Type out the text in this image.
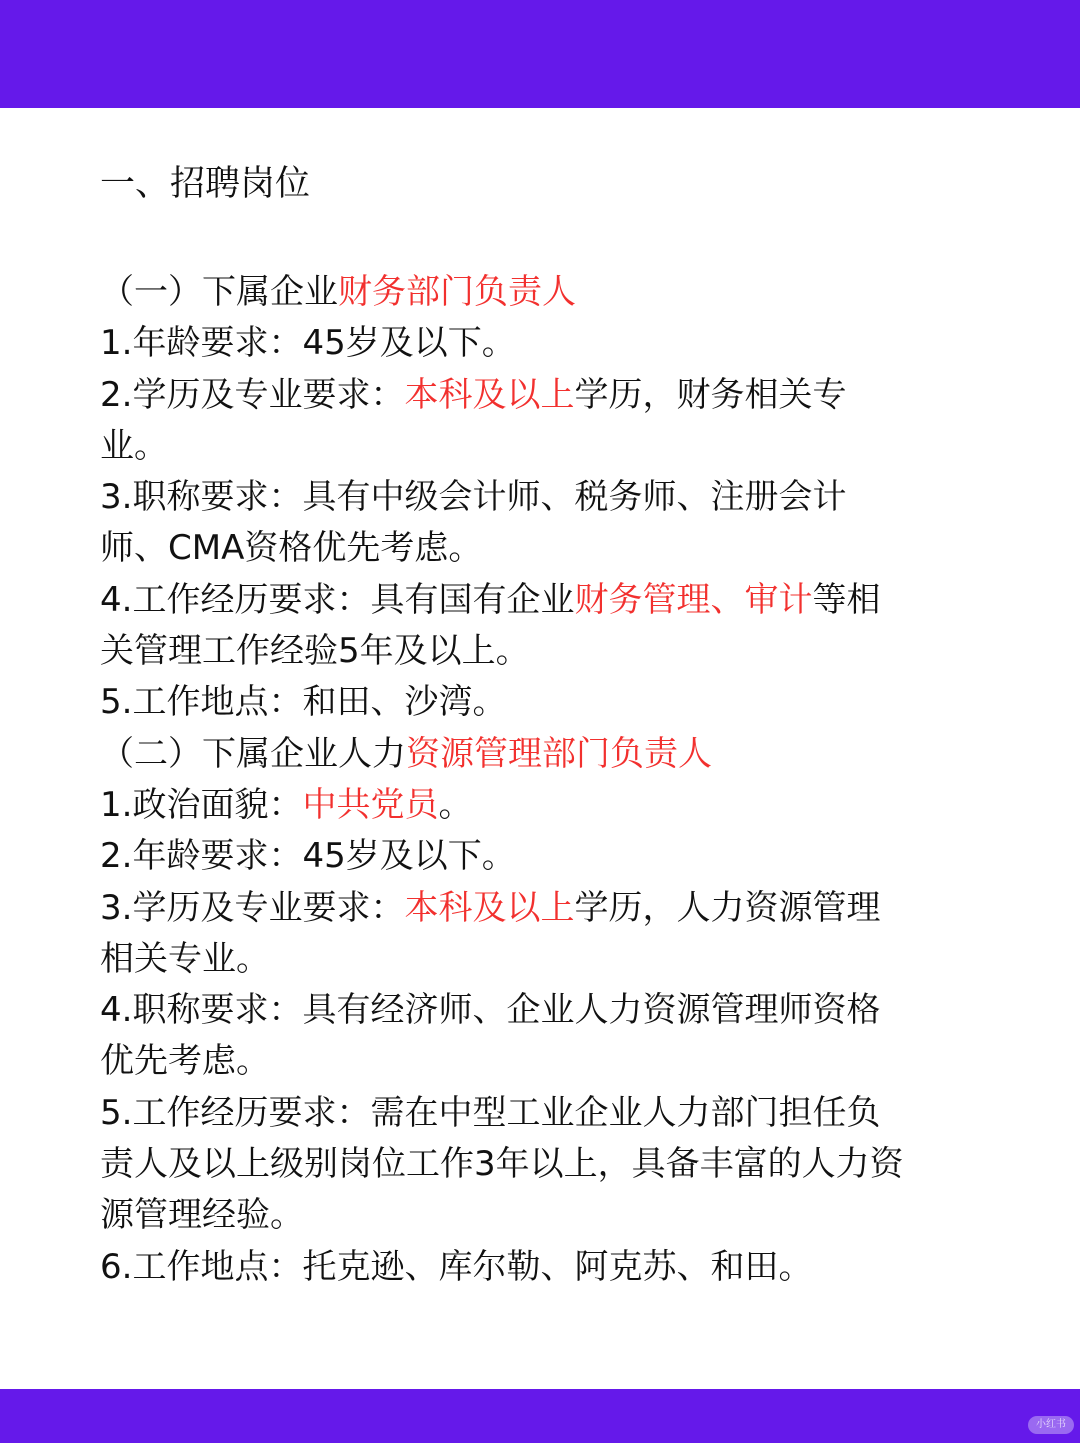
一、招聘岗位
（一）下属企业财务部门负责人
1.年龄要求：45岁及以下。
2.学历及专业要求：本科及以上学历，财务相关专
业。
3.职称要求：具有中级会计师、税务师、注册会计
师、CMA资格优先考虑。
4.工作经历要求：具有国有企业财务管理、审计等相
关管理工作经验5年及以上。
5.工作地点：和田、沙湾。
（二）下属企业人力资源管理部门负责人
1.政治面貌：中共党员。
2.年龄要求：45岁及以下。
3.学历及专业要求：本科及以上学历，人力资源管理
相关专业。
4.职称要求：具有经济师、企业人力资源管理师资格
优先考虑。
5.工作经历要求：需在中型工业企业人力部门担任负
责人及以上级别岗位工作3年以上，具备丰富的人力资
源管理经验。
6.工作地点：托克逊、库尔勒、阿克苏、和田。
小红书
